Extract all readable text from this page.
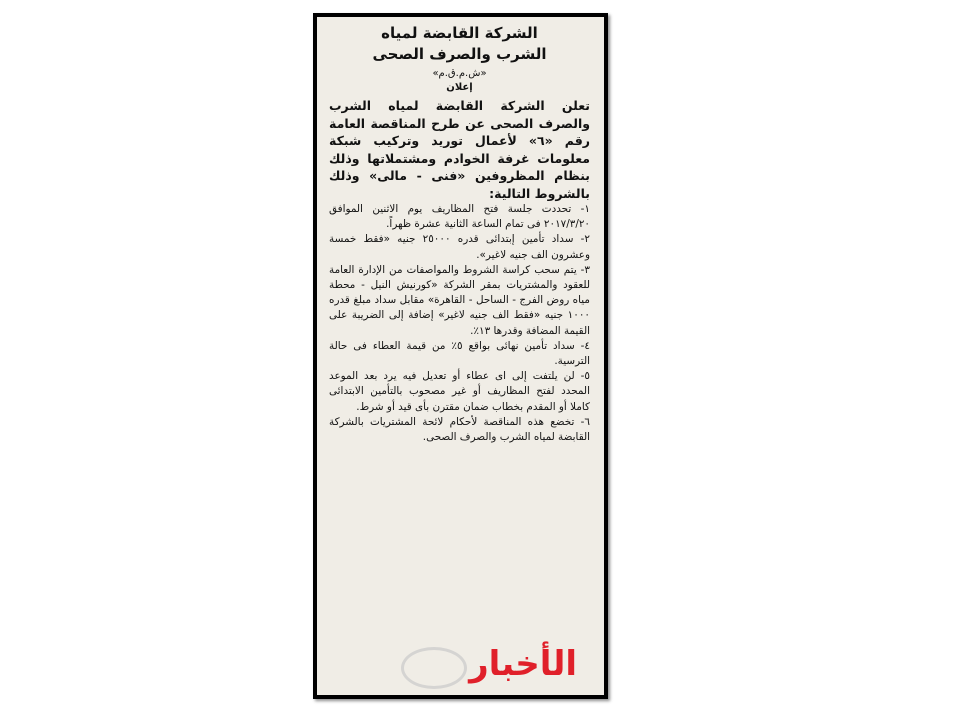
الشركة القابضة لمياه

الشرب والصرف الصحى

«ش.م.ق.م»

إعلان

تعلن الشركة القابضة لمياه الشرب والصرف الصحى عن طرح المناقصة العامة رقم «٦» لأعمال توريد وتركيب شبكة معلومات غرفة الخوادم ومشتملاتها وذلك بنظام المظروفين «فنى - مالى» وذلك بالشروط التالية:

١- تحددت جلسة فتح المظاريف يوم الاثنين الموافق ٢٠١٧/٣/٢٠ فى تمام الساعة الثانية عشرة ظهراً.

٢- سداد تأمين إبتدائى قدره ٢٥٠٠٠ جنيه «فقط خمسة وعشرون الف جنيه لاغير».

٣- يتم سحب كراسة الشروط والمواصفات من الإدارة العامة للعقود والمشتريات بمقر الشركة «كورنيش النيل - محطة مياه روض الفرج - الساحل - القاهرة» مقابل سداد مبلغ قدره ١٠٠٠ جنيه «فقط الف جنيه لاغير» إضافة إلى الضريبة على القيمة المضافة وقدرها ١٣٪.

٤- سداد تأمين نهائى بواقع ٥٪ من قيمة العطاء فى حالة الترسية.

٥- لن يلتفت إلى اى عطاء أو تعديل فيه يرد بعد الموعد المحدد لفتح المظاريف أو غير مصحوب بالتأمين الابتدائى كاملا أو المقدم بخطاب ضمان مقترن بأى قيد أو شرط.

٦- تخضع هذه المناقصة لأحكام لائحة المشتريات بالشركة القابضة لمياه الشرب والصرف الصحى.

الأخبار
